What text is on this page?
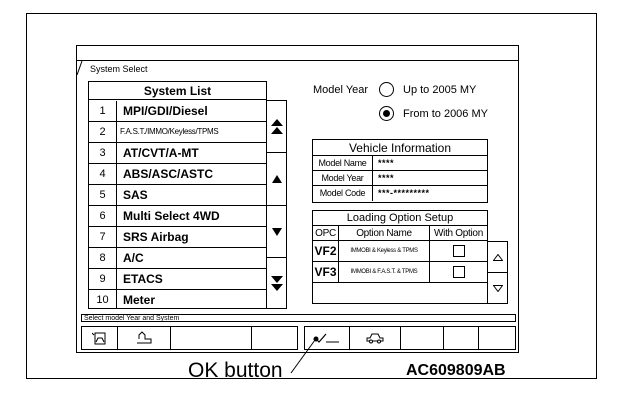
System Select
System List
1	MPI/GDI/Diesel
2	F.A.S.T./IMMO/Keyless/TPMS
3	AT/CVT/A-MT
4	ABS/ASC/ASTC
5	SAS
6	Multi Select 4WD
7	SRS Airbag
8	A/C
9	ETACS
10	Meter
Model Year	Up to 2005 MY
From to 2006 MY
Vehicle Information
Model Name	****
Model Year	****
Model Code	***-*********
Loading Option Setup
OPC	Option Name	With Option
VF2	IMMOBI & Keyless & TPMS
VF3	IMMOBI & F.A.S.T. & TPMS
Select model Year and System
OK button	AC609809AB
